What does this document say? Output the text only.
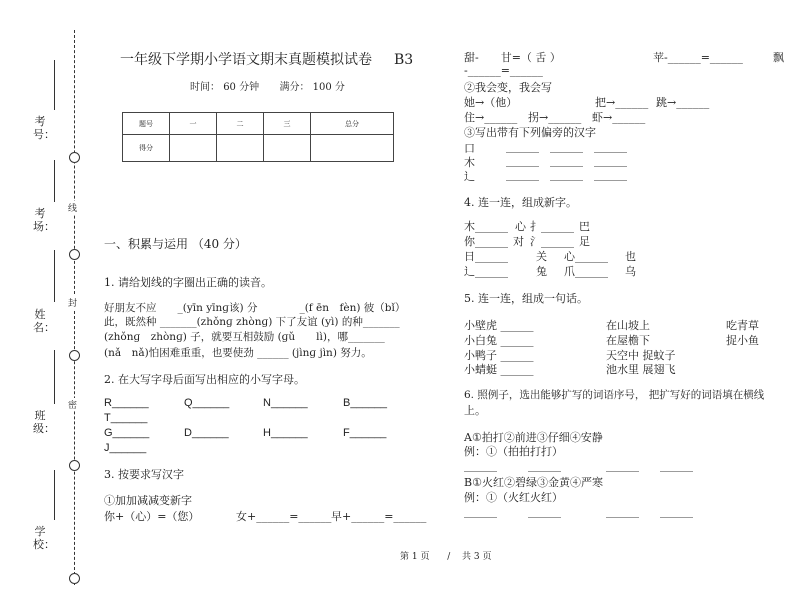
考号：
考场：
姓名：
班级：
学校：
线
封
密
一年级下学期小学语文期末真题模拟试卷 B3
时间： 60 分钟 满分： 100 分
题号	一	二	三	总分
得分				
一、积累与运用 （40 分）
1. 请给划线的字圈出正确的读音。
好朋友不应　　_(yīn yīnɡ该) 分　　　　_(f ēn　fèn) 彼（bǐ）
此，既然种 _______(zhǒnɡ zhònɡ) 下了友谊 (yì) 的种_______
(zhǒnɡ　zhònɡ) 子，就要互相鼓励 (ɡǔ　　lì)，哪_______
(nǎ　nǎ)怕困难重重，也要使劲 ______ (jìnɡ jìn) 努力。
2. 在大写字母后面写出相应的小写字母。
R______	Q______	N______	B______
T______
G______	D______	H______	F______
J______
3. 按要求写汉字
①加加减减变新字
你+（心）=（您）	女+______=______ 早+______=______
甜-　　甘=（ 舌 ）	苹-______=______	飘
-______=______
②我会变，我会写
她→（他）	把→______ 跳→______
住→______ 拐→______ 虾→______
③写出带有下列偏旁的汉字
口	______ ______ ______
木	______ ______ ______
辶	______ ______ ______
4. 连一连，组成新字。
木______ 心 扌______ 巴
你______ 对 氵______ 足
日______	关 心______ 也
辶______	兔 爪______ 乌
5. 连一连，组成一句话。
小壁虎 ______	在山坡上	吃青草
小白兔 ______	在屋檐下	捉小鱼
小鸭子 ______	天空中 捉蚊子
小蜻蜓 ______	池水里 展翅飞
6. 照例子，选出能够扩写的词语序号， 把扩写好的词语填在横线
上。
A①拍打②前进③仔细④安静
例：①（拍拍打打）
______	______	______ ______
B①火红②碧绿③金黄④严寒
例：①（火红火红）
______	______	______ ______
第 1 页 / 共 3 页
